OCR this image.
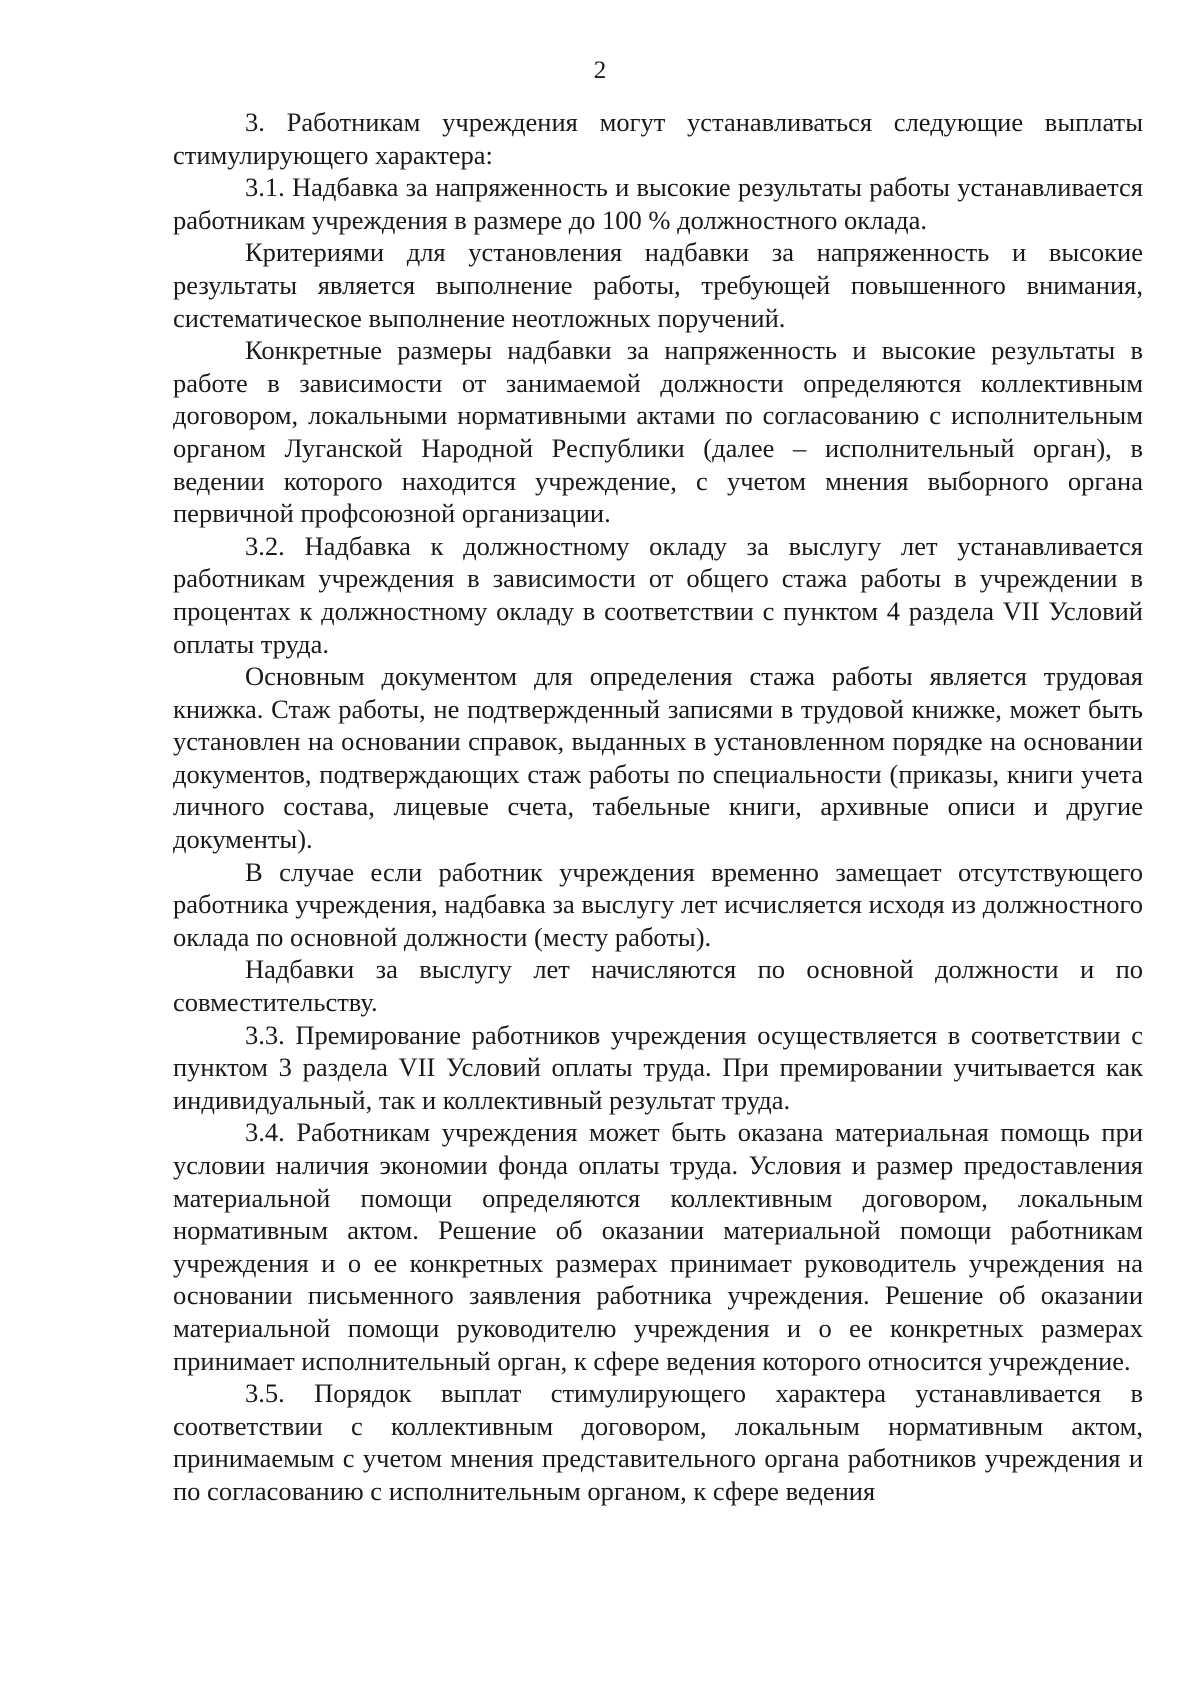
2

3. Работникам учреждения могут устанавливаться следующие выплаты стимулирующего характера:

3.1. Надбавка за напряженность и высокие результаты работы устанавливается работникам учреждения в размере до 100 % должностного оклада.

Критериями для установления надбавки за напряженность и высокие результаты является выполнение работы, требующей повышенного внимания, систематическое выполнение неотложных поручений.

Конкретные размеры надбавки за напряженность и высокие результаты в работе в зависимости от занимаемой должности определяются коллективным договором, локальными нормативными актами по согласованию с исполнительным органом Луганской Народной Республики (далее – исполнительный орган), в ведении которого находится учреждение, с учетом мнения выборного органа первичной профсоюзной организации.

3.2. Надбавка к должностному окладу за выслугу лет устанавливается работникам учреждения в зависимости от общего стажа работы в учреждении в процентах к должностному окладу в соответствии с пунктом 4 раздела VII Условий оплаты труда.

Основным документом для определения стажа работы является трудовая книжка. Стаж работы, не подтвержденный записями в трудовой книжке, может быть установлен на основании справок, выданных в установленном порядке на основании документов, подтверждающих стаж работы по специальности (приказы, книги учета личного состава, лицевые счета, табельные книги, архивные описи и другие документы).

В случае если работник учреждения временно замещает отсутствующего работника учреждения, надбавка за выслугу лет исчисляется исходя из должностного оклада по основной должности (месту работы).

Надбавки за выслугу лет начисляются по основной должности и по совместительству.

3.3. Премирование работников учреждения осуществляется в соответствии с пунктом 3 раздела VII Условий оплаты труда. При премировании учитывается как индивидуальный, так и коллективный результат труда.

3.4. Работникам учреждения может быть оказана материальная помощь при условии наличия экономии фонда оплаты труда. Условия и размер предоставления материальной помощи определяются коллективным договором, локальным нормативным актом. Решение об оказании материальной помощи работникам учреждения и о ее конкретных размерах принимает руководитель учреждения на основании письменного заявления работника учреждения. Решение об оказании материальной помощи руководителю учреждения и о ее конкретных размерах принимает исполнительный орган, к сфере ведения которого относится учреждение.

3.5. Порядок выплат стимулирующего характера устанавливается в соответствии с коллективным договором, локальным нормативным актом, принимаемым с учетом мнения представительного органа работников учреждения и по согласованию с исполнительным органом, к сфере ведения
